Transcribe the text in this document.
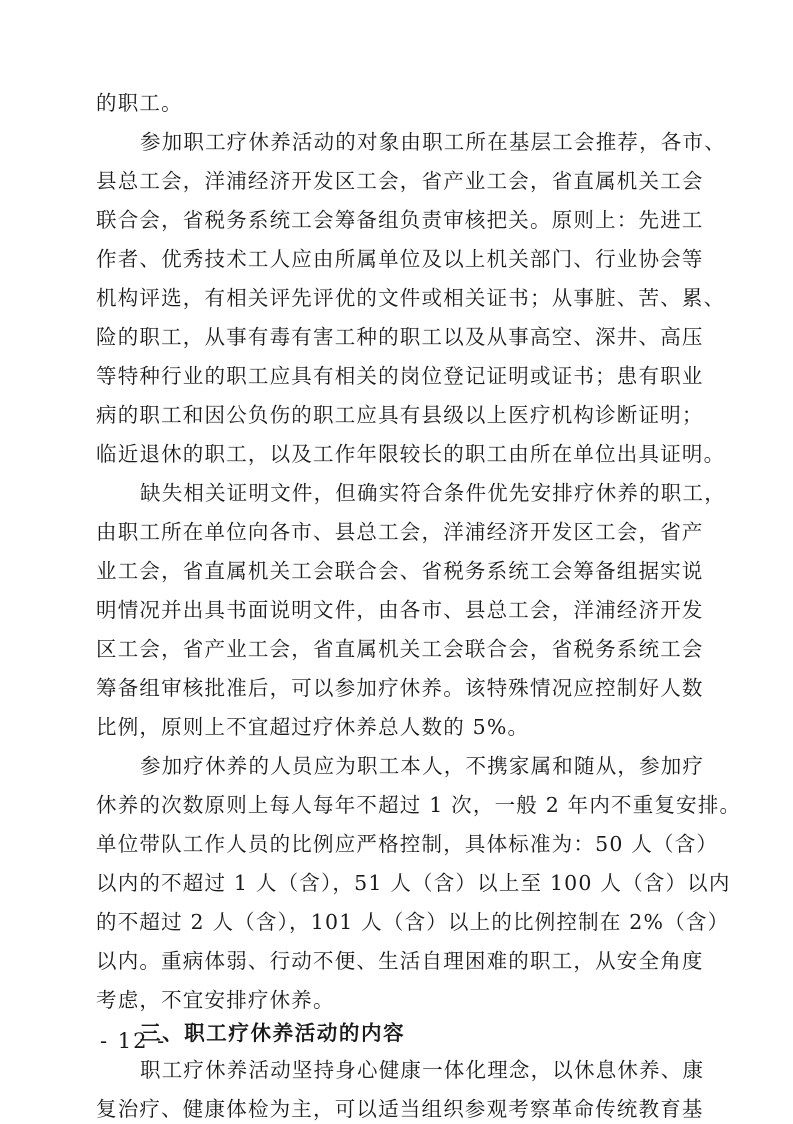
的职工。
参加职工疗休养活动的对象由职工所在基层工会推荐，各市、
县总工会，洋浦经济开发区工会，省产业工会，省直属机关工会
联合会，省税务系统工会筹备组负责审核把关。原则上：先进工
作者、优秀技术工人应由所属单位及以上机关部门、行业协会等
机构评选，有相关评先评优的文件或相关证书；从事脏、苦、累、
险的职工，从事有毒有害工种的职工以及从事高空、深井、高压
等特种行业的职工应具有相关的岗位登记证明或证书；患有职业
病的职工和因公负伤的职工应具有县级以上医疗机构诊断证明；
临近退休的职工，以及工作年限较长的职工由所在单位出具证明。
缺失相关证明文件，但确实符合条件优先安排疗休养的职工，
由职工所在单位向各市、县总工会，洋浦经济开发区工会，省产
业工会，省直属机关工会联合会、省税务系统工会筹备组据实说
明情况并出具书面说明文件，由各市、县总工会，洋浦经济开发
区工会，省产业工会，省直属机关工会联合会，省税务系统工会
筹备组审核批准后，可以参加疗休养。该特殊情况应控制好人数
比例，原则上不宜超过疗休养总人数的 5%。
参加疗休养的人员应为职工本人，不携家属和随从，参加疗
休养的次数原则上每人每年不超过 1 次，一般 2 年内不重复安排。
单位带队工作人员的比例应严格控制，具体标准为：50 人（含）
以内的不超过 1 人（含），51 人（含）以上至 100 人（含）以内
的不超过 2 人（含），101 人（含）以上的比例控制在 2%（含）
以内。重病体弱、行动不便、生活自理困难的职工，从安全角度
考虑，不宜安排疗休养。
- 12 -
三、职工疗休养活动的内容
职工疗休养活动坚持身心健康一体化理念，以休息休养、康
复治疗、健康体检为主，可以适当组织参观考察革命传统教育基
